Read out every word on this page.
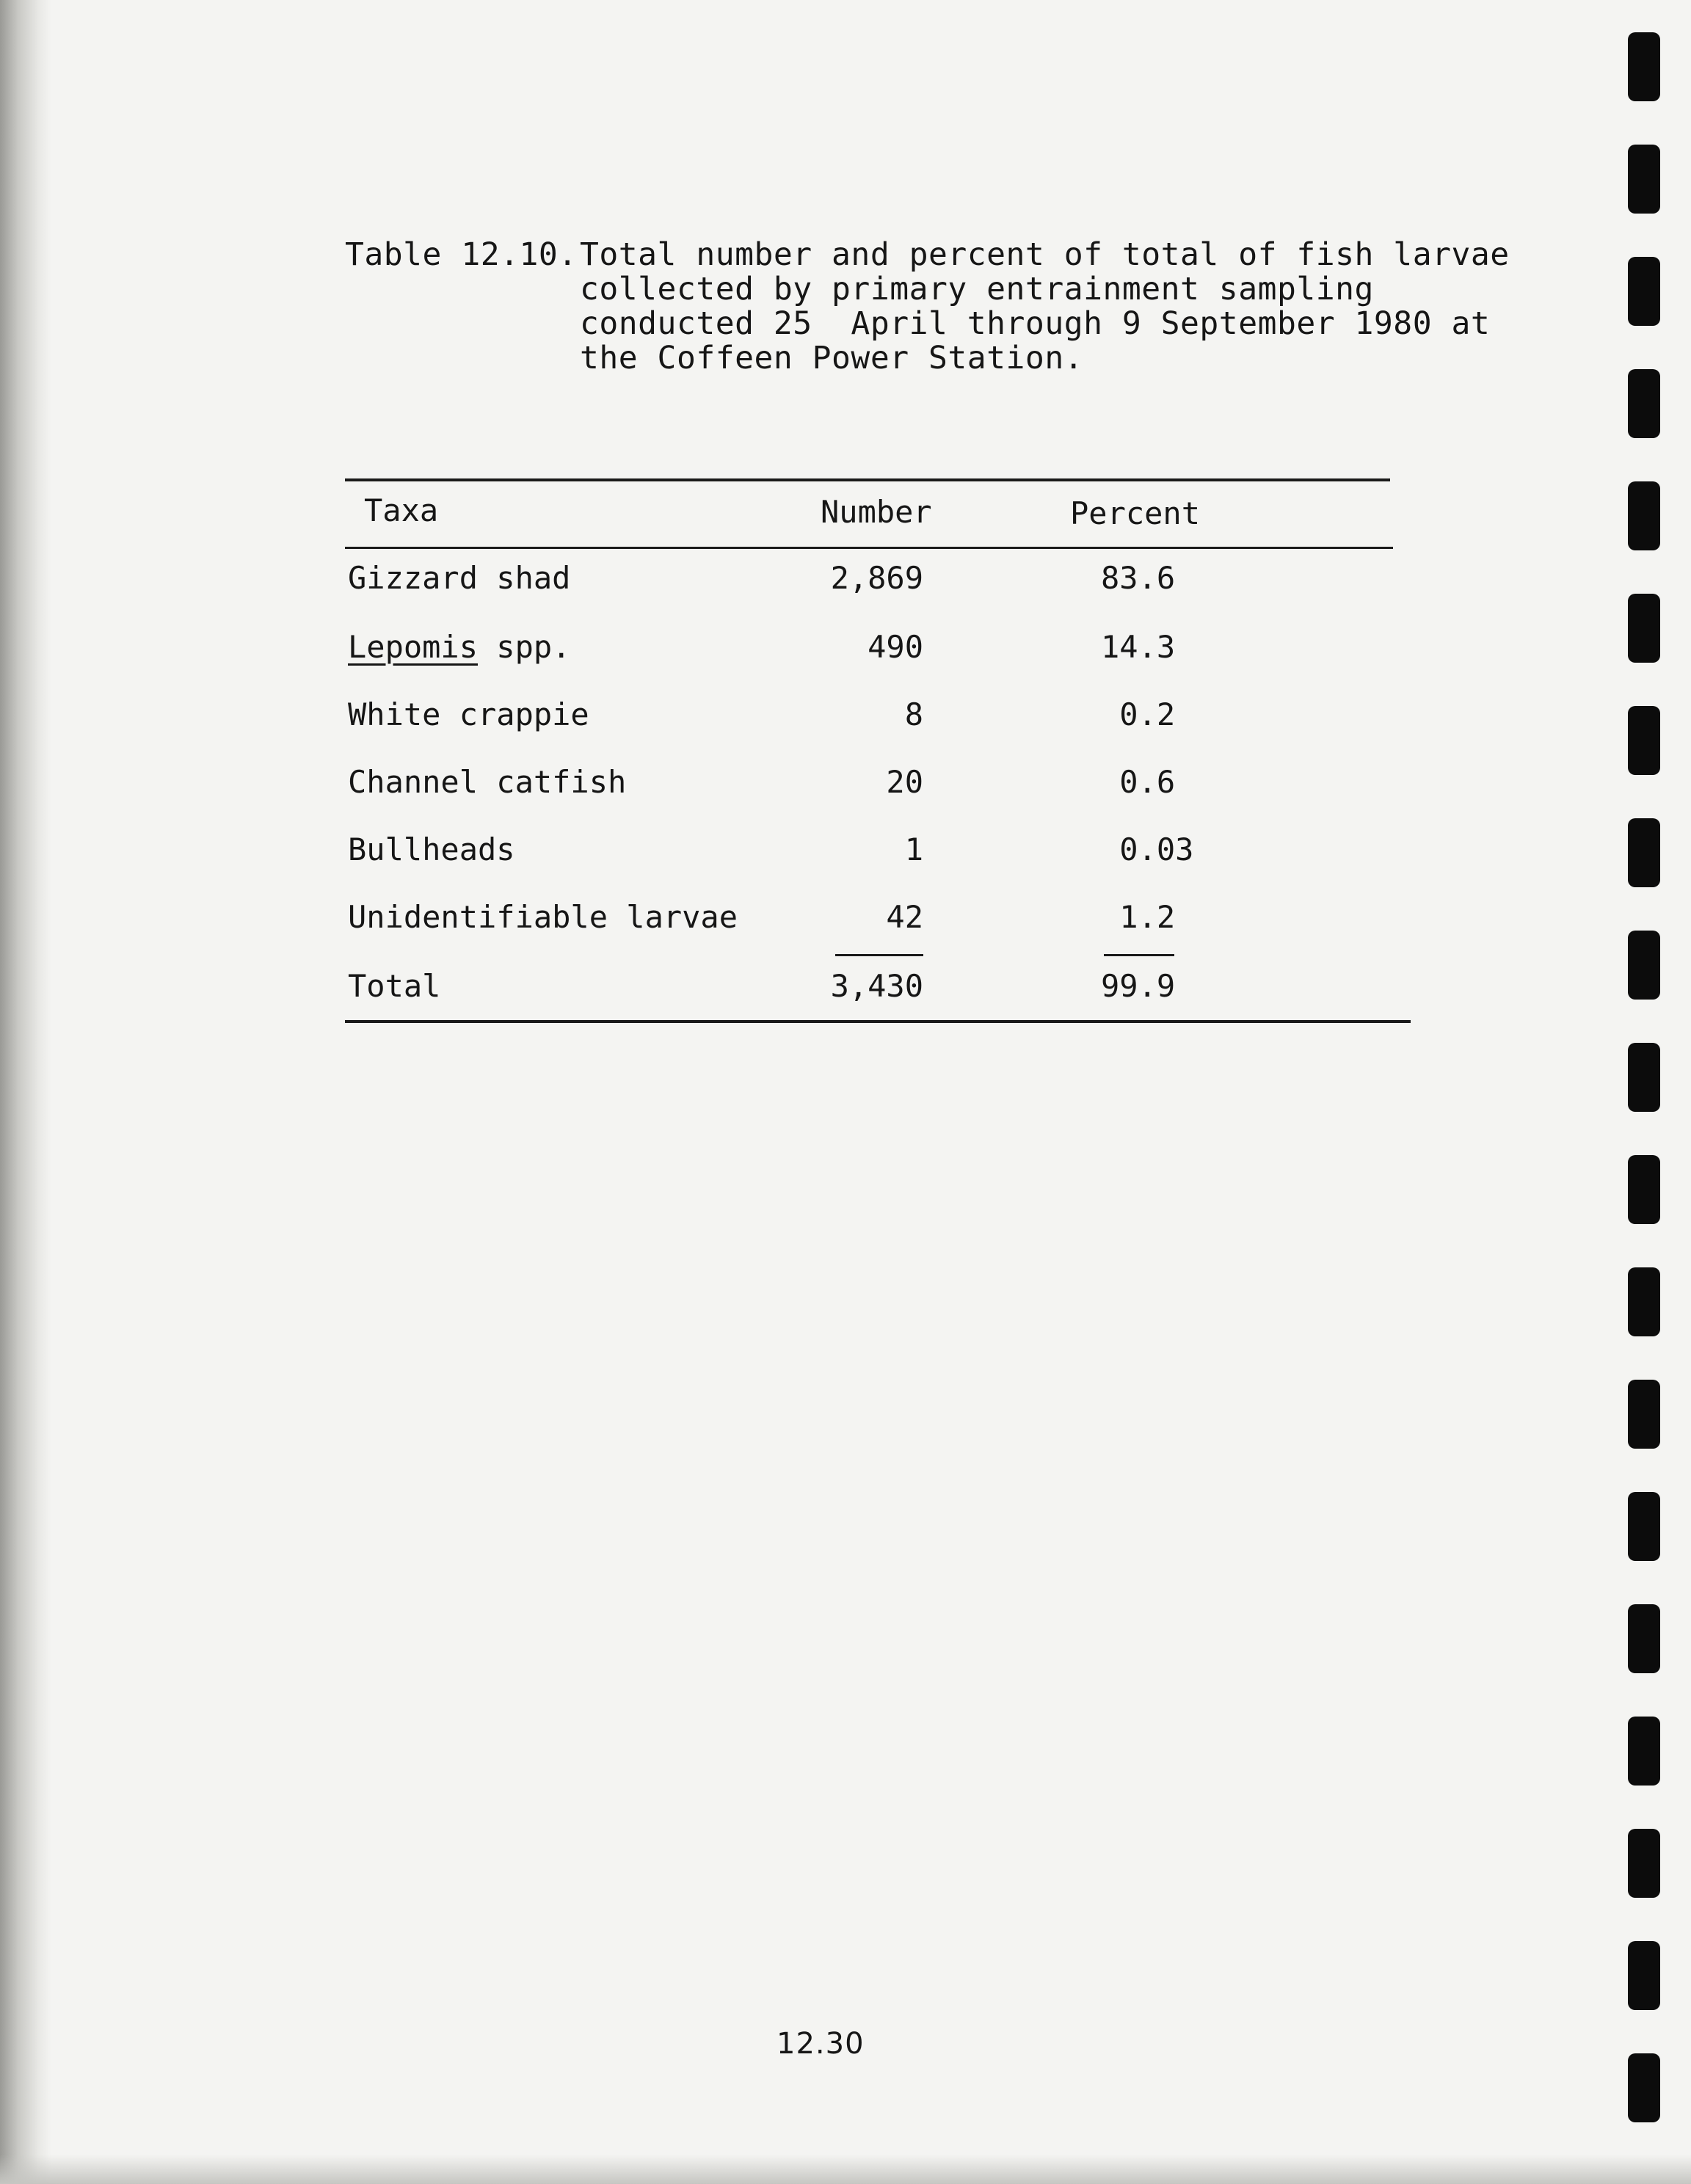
Table 12.10. Total number and percent of total of fish larvae
collected by primary entrainment sampling
conducted 25  April through 9 September 1980 at
the Coffeen Power Station.
Taxa	Number	Percent
Gizzard shad	2,869	83.6
Lepomis spp.	490	14.3
White crappie	8	0.2
Channel catfish	20	0.6
Bullheads	1	0.03
Unidentifiable larvae	42	1.2
Total	3,430	99.9
12.30
